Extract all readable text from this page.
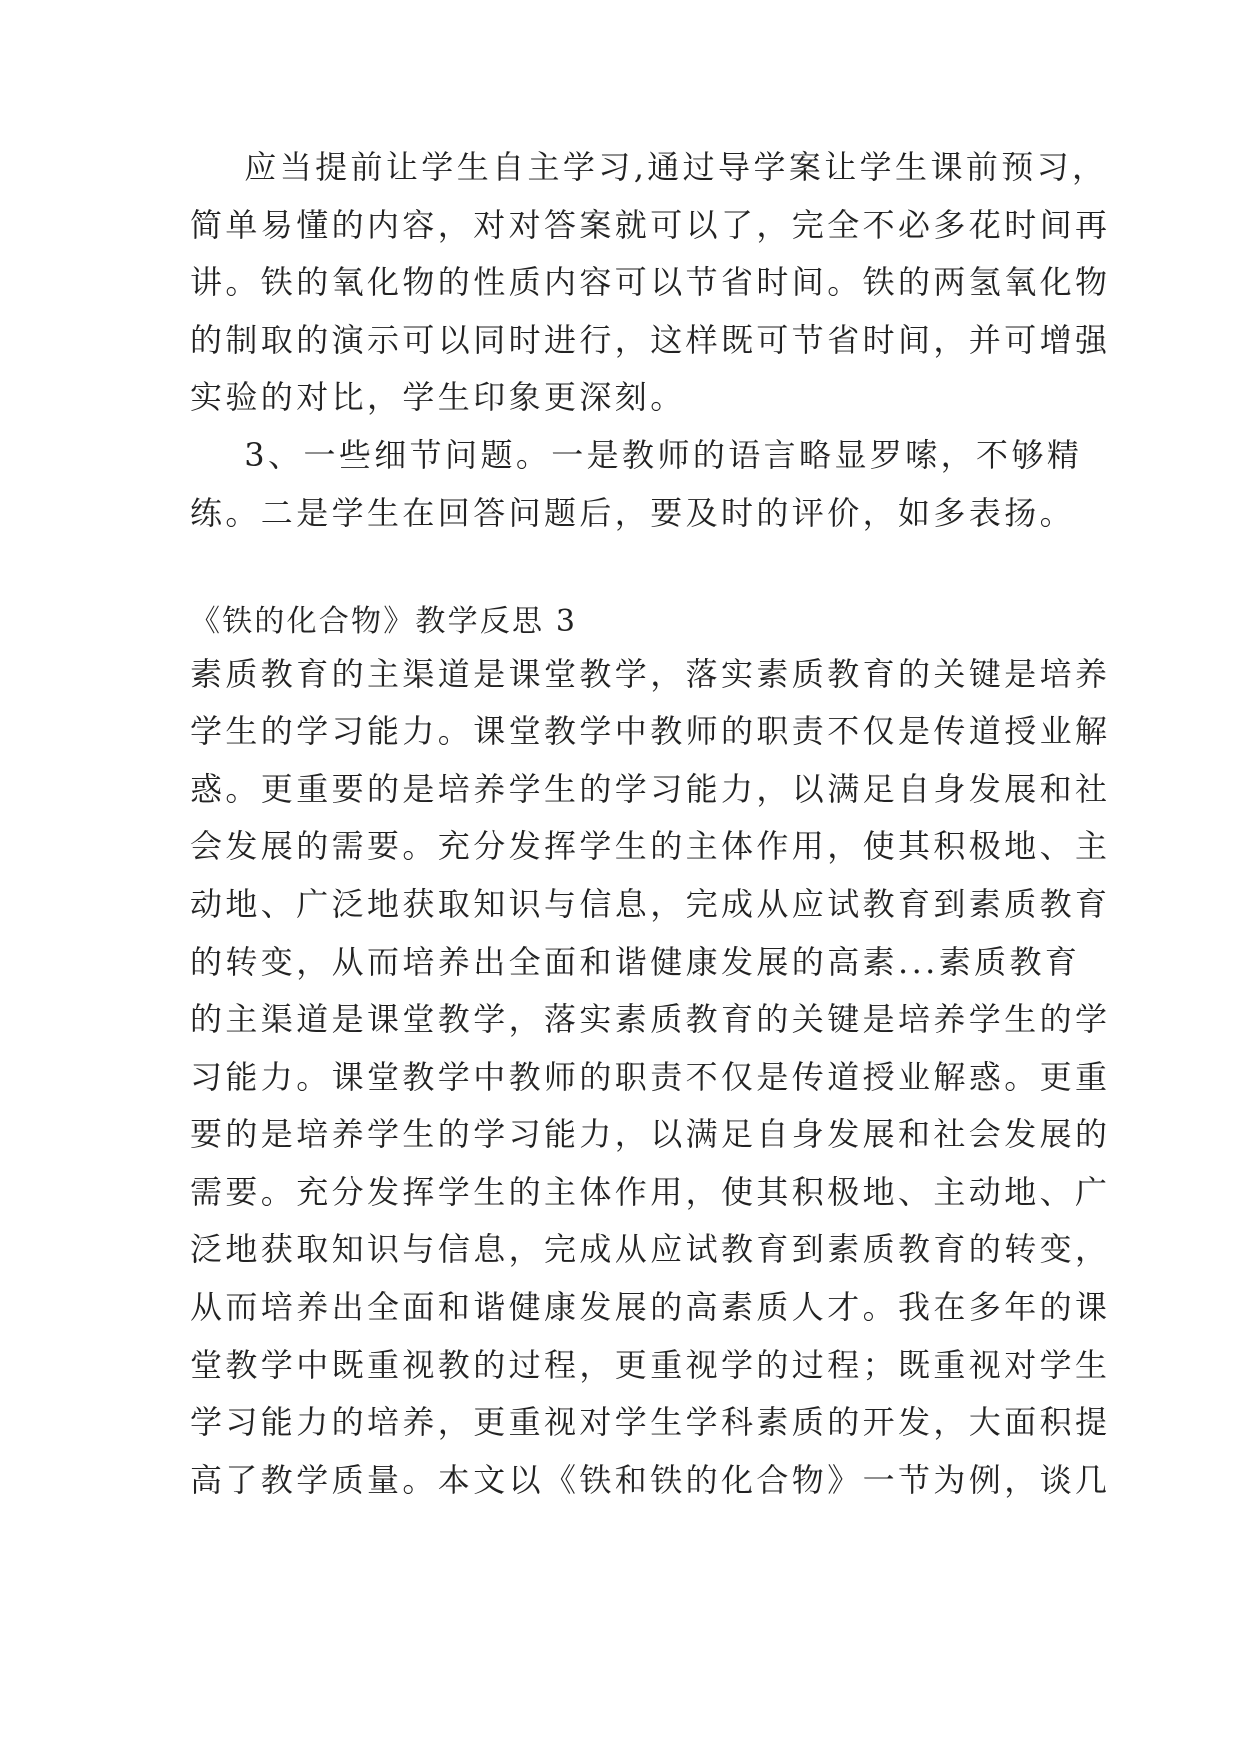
应当提前让学生自主学习,通过导学案让学生课前预习，
简单易懂的内容，对对答案就可以了，完全不必多花时间再
讲。铁的氧化物的性质内容可以节省时间。铁的两氢氧化物
的制取的演示可以同时进行，这样既可节省时间，并可增强
实验的对比，学生印象更深刻。
3、一些细节问题。一是教师的语言略显罗嗦，不够精
练。二是学生在回答问题后，要及时的评价，如多表扬。
《铁的化合物》教学反思 3
素质教育的主渠道是课堂教学，落实素质教育的关键是培养
学生的学习能力。课堂教学中教师的职责不仅是传道授业解
惑。更重要的是培养学生的学习能力，以满足自身发展和社
会发展的需要。充分发挥学生的主体作用，使其积极地、主
动地、广泛地获取知识与信息，完成从应试教育到素质教育
的转变，从而培养出全面和谐健康发展的高素...素质教育
的主渠道是课堂教学，落实素质教育的关键是培养学生的学
习能力。课堂教学中教师的职责不仅是传道授业解惑。更重
要的是培养学生的学习能力，以满足自身发展和社会发展的
需要。充分发挥学生的主体作用，使其积极地、主动地、广
泛地获取知识与信息，完成从应试教育到素质教育的转变，
从而培养出全面和谐健康发展的高素质人才。我在多年的课
堂教学中既重视教的过程，更重视学的过程；既重视对学生
学习能力的培养，更重视对学生学科素质的开发，大面积提
高了教学质量。本文以《铁和铁的化合物》一节为例，谈几
